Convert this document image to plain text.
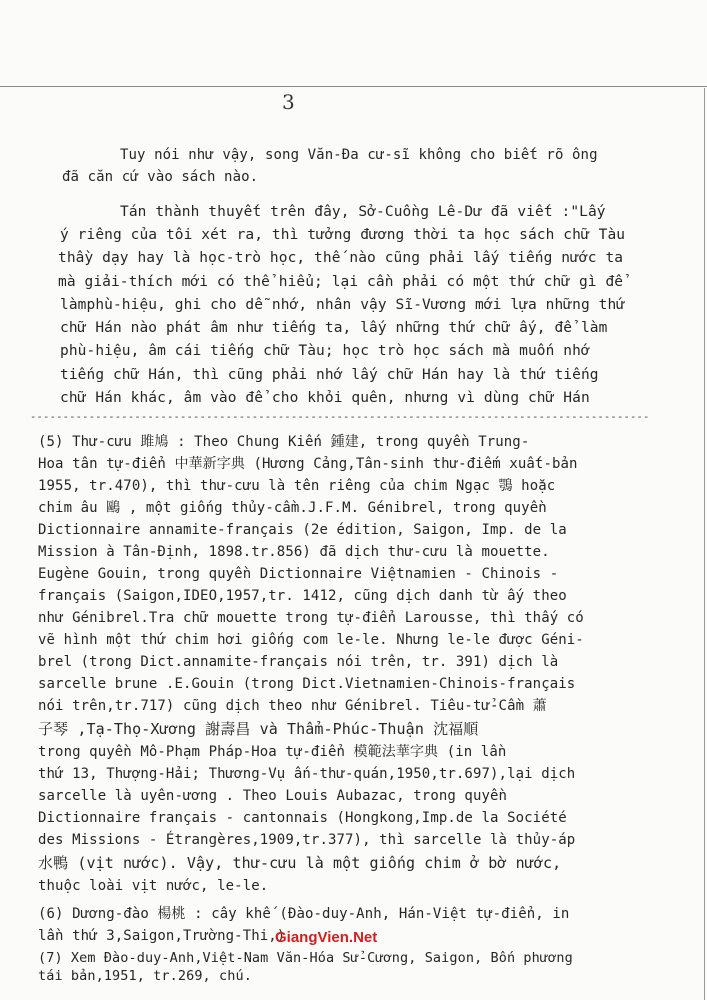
3
Tuy nói như vậy, song Văn-Đa cư-sĩ không cho biết rõ ông
đã căn cứ vào sách nào.
Tán thành thuyết trên đây, Sở-Cuồng Lê-Dư đã viết :"Lấy
ý riêng của tôi xét ra, thì tưởng đương thời ta học sách chữ Tàu
thầy dạy hay là học-trò học, thế nào cũng phải lấy tiếng nước ta
mà giải-thích mới có thể hiểu; lại cần phải có một thứ chữ gì để
làmphù-hiệu, ghi cho dễ nhớ, nhân vậy Sĩ-Vương mới lựa những thứ
chữ Hán nào phát âm như tiếng ta, lấy những thứ chữ ấy, để làm
phù-hiệu, âm cái tiếng chữ Tàu; học trò học sách mà muốn nhớ
tiếng chữ Hán, thì cũng phải nhớ lấy chữ Hán hay là thứ tiếng
chữ Hán khác, âm vào để cho khỏi quên, nhưng vì dùng chữ Hán
-----------------------------------------------------------------------------------------------
(5) Thư-cưu 雎鳩 : Theo Chung Kiến 鍾建, trong quyền Trung-
Hoa tân tự-điển 中華新字典 (Hương Cảng,Tân-sinh thư-điếm xuất-bản
1955, tr.470), thì thư-cưu là tên riêng của chim Ngạc 鶚 hoặc
chim âu 鷗 , một giống thủy-cầm.J.F.M. Génibrel, trong quyền
Dictionnaire annamite-français (2e édition, Saigon, Imp. de la
Mission à Tân-Định, 1898.tr.856) đã dịch thư-cưu là mouette.
Eugène Gouin, trong quyền Dictionnaire Việtnamien - Chinois -
français (Saigon,IDEO,1957,tr. 1412, cũng dịch danh từ ấy theo
như Génibrel.Tra chữ mouette trong tự-điển Larousse, thì thấy có
vẽ hình một thứ chim hơi giống com le-le. Nhưng le-le được Géni-
brel (trong Dict.annamite-français nói trên, tr. 391) dịch là
sarcelle brune .E.Gouin (trong Dict.Vietnamien-Chinois-français
nói trên,tr.717) cũng dịch theo như Génibrel. Tiêu-tử-Cầm 蕭
子琴 ,Tạ-Thọ-Xương 謝壽昌 và Thẩm-Phúc-Thuận 沈福順
trong quyền Mô-Phạm Pháp-Hoa tự-điển 模範法華字典 (in lần
thứ 13, Thượng-Hải; Thương-Vụ ấn-thư-quán,1950,tr.697),lại dịch
sarcelle là uyên-ương . Theo Louis Aubazac, trong quyền
Dictionnaire français - cantonnais (Hongkong,Imp.de la Société
des Missions - Étrangères,1909,tr.377), thì sarcelle là thủy-áp
水鴨 (vịt nước). Vậy, thư-cưu là một giống chim ở bờ nước,
thuộc loài vịt nước, le-le.
(6) Dương-đào 楊桃 : cây khế (Đào-duy-Anh, Hán-Việt tự-điển, in
lần thứ 3,Saigon,Trường-Thi,)
(7) Xem Đào-duy-Anh,Việt-Nam Văn-Hóa Sử-Cương, Saigon, Bốn phương
tái bản,1951, tr.269, chú.
GiangVien.Net
